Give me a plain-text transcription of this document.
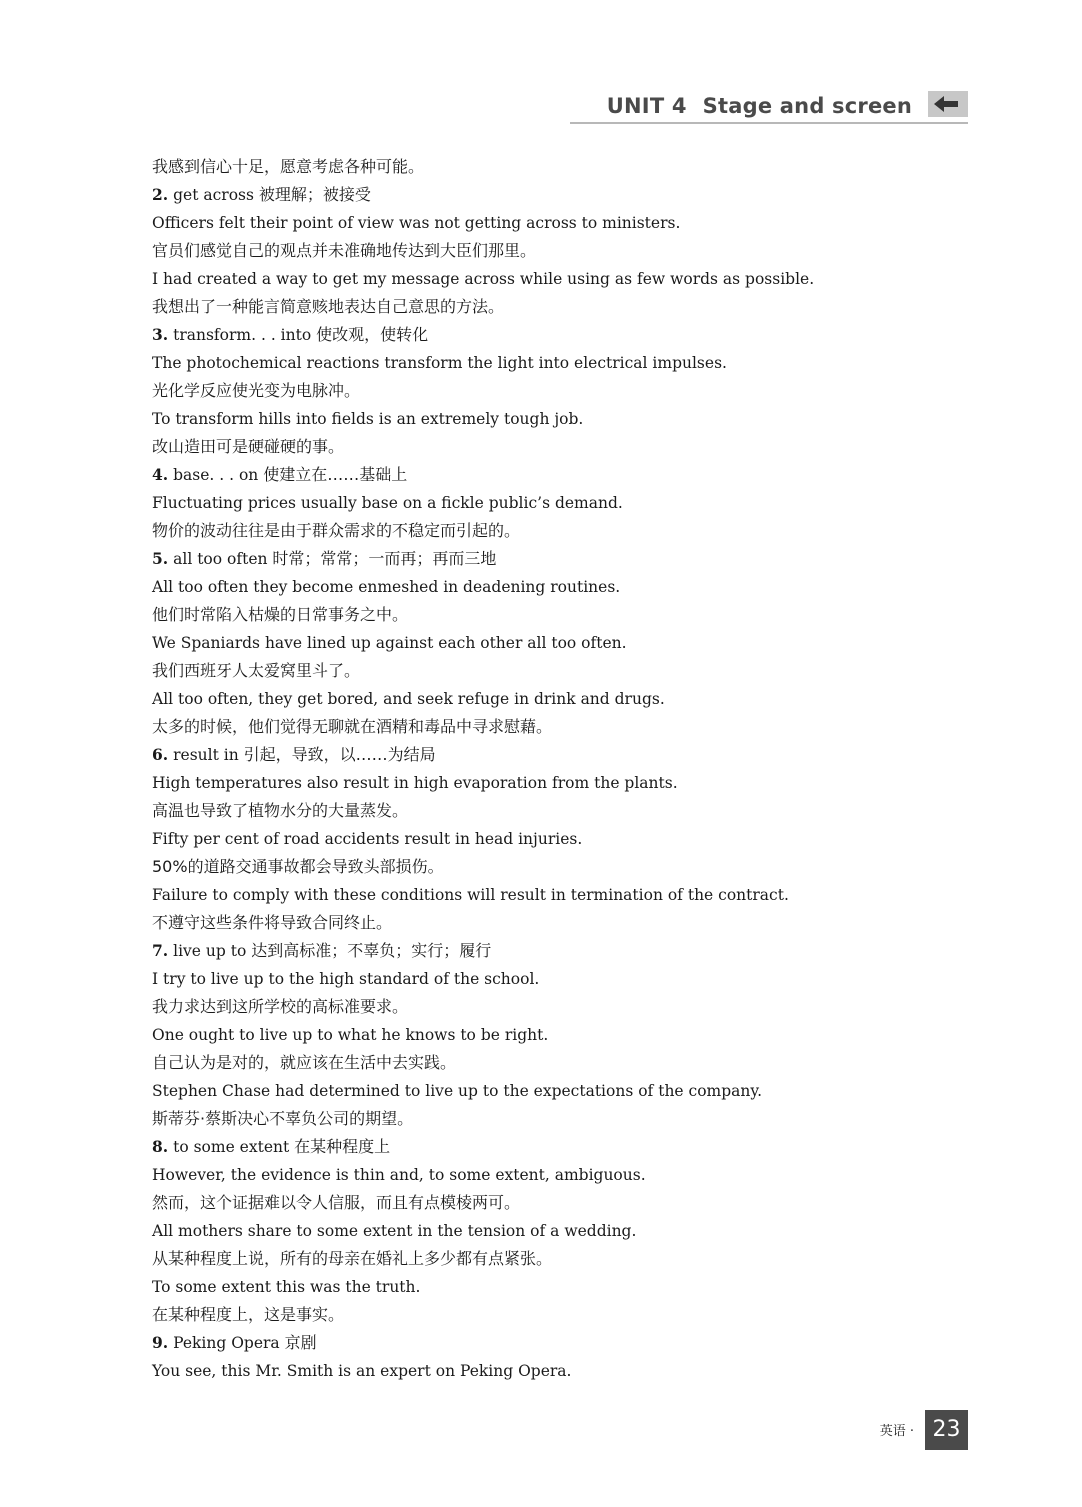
UNIT 4 Stage and screen
我感到信心十足，愿意考虑各种可能。
2. get across 被理解；被接受
Officers felt their point of view was not getting across to ministers.
官员们感觉自己的观点并未准确地传达到大臣们那里。
I had created a way to get my message across while using as few words as possible.
我想出了一种能言简意赅地表达自己意思的方法。
3. transform. . . into 使改观，使转化
The photochemical reactions transform the light into electrical impulses.
光化学反应使光变为电脉冲。
To transform hills into fields is an extremely tough job.
改山造田可是硬碰硬的事。
4. base. . . on 使建立在……基础上
Fluctuating prices usually base on a fickle public’s demand.
物价的波动往往是由于群众需求的不稳定而引起的。
5. all too often 时常；常常；一而再；再而三地
All too often they become enmeshed in deadening routines.
他们时常陷入枯燥的日常事务之中。
We Spaniards have lined up against each other all too often.
我们西班牙人太爱窝里斗了。
All too often, they get bored, and seek refuge in drink and drugs.
太多的时候，他们觉得无聊就在酒精和毒品中寻求慰藉。
6. result in 引起，导致，以……为结局
High temperatures also result in high evaporation from the plants.
高温也导致了植物水分的大量蒸发。
Fifty per cent of road accidents result in head injuries.
50%的道路交通事故都会导致头部损伤。
Failure to comply with these conditions will result in termination of the contract.
不遵守这些条件将导致合同终止。
7. live up to 达到高标准；不辜负；实行；履行
I try to live up to the high standard of the school.
我力求达到这所学校的高标准要求。
One ought to live up to what he knows to be right.
自己认为是对的，就应该在生活中去实践。
Stephen Chase had determined to live up to the expectations of the company.
斯蒂芬·蔡斯决心不辜负公司的期望。
8. to some extent 在某种程度上
However, the evidence is thin and, to some extent, ambiguous.
然而，这个证据难以令人信服，而且有点模棱两可。
All mothers share to some extent in the tension of a wedding.
从某种程度上说，所有的母亲在婚礼上多少都有点紧张。
To some extent this was the truth.
在某种程度上，这是事实。
9. Peking Opera 京剧
You see, this Mr. Smith is an expert on Peking Opera.
英语 · 23
